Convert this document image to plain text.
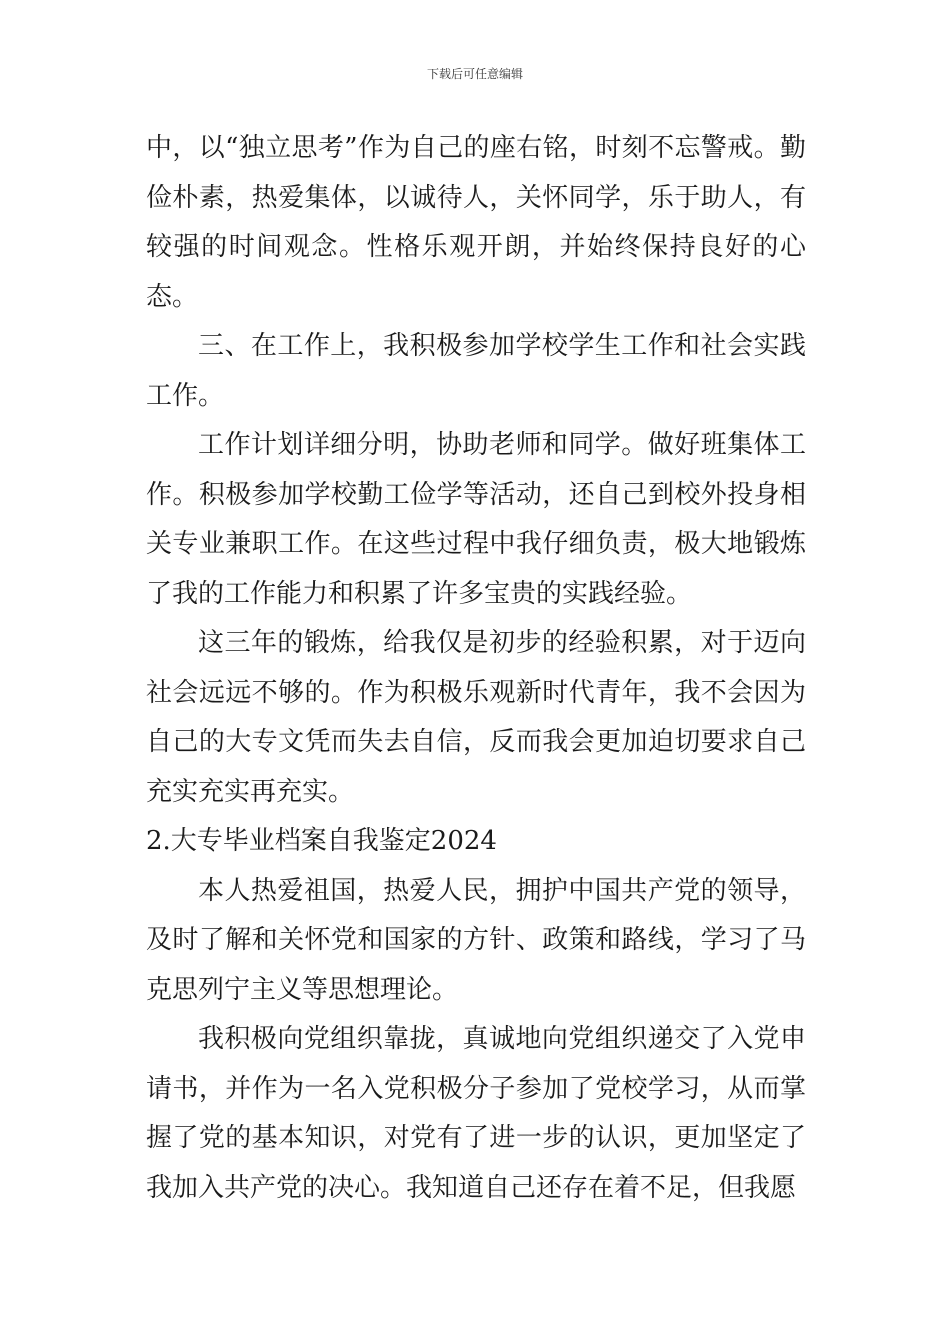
下载后可任意编辑

中，以“独立思考”作为自己的座右铭，时刻不忘警戒。勤俭朴素，热爱集体，以诚待人，关怀同学，乐于助人，有较强的时间观念。性格乐观开朗，并始终保持良好的心态。

三、在工作上，我积极参加学校学生工作和社会实践工作。

工作计划详细分明，协助老师和同学。做好班集体工作。积极参加学校勤工俭学等活动，还自己到校外投身相关专业兼职工作。在这些过程中我仔细负责，极大地锻炼了我的工作能力和积累了许多宝贵的实践经验。

这三年的锻炼，给我仅是初步的经验积累，对于迈向社会远远不够的。作为积极乐观新时代青年，我不会因为自己的大专文凭而失去自信，反而我会更加迫切要求自己充实充实再充实。

2.大专毕业档案自我鉴定2024

本人热爱祖国，热爱人民，拥护中国共产党的领导，及时了解和关怀党和国家的方针、政策和路线，学习了马克思列宁主义等思想理论。

我积极向党组织靠拢，真诚地向党组织递交了入党申请书，并作为一名入党积极分子参加了党校学习，从而掌握了党的基本知识，对党有了进一步的认识，更加坚定了我加入共产党的决心。我知道自己还存在着不足，但我愿
